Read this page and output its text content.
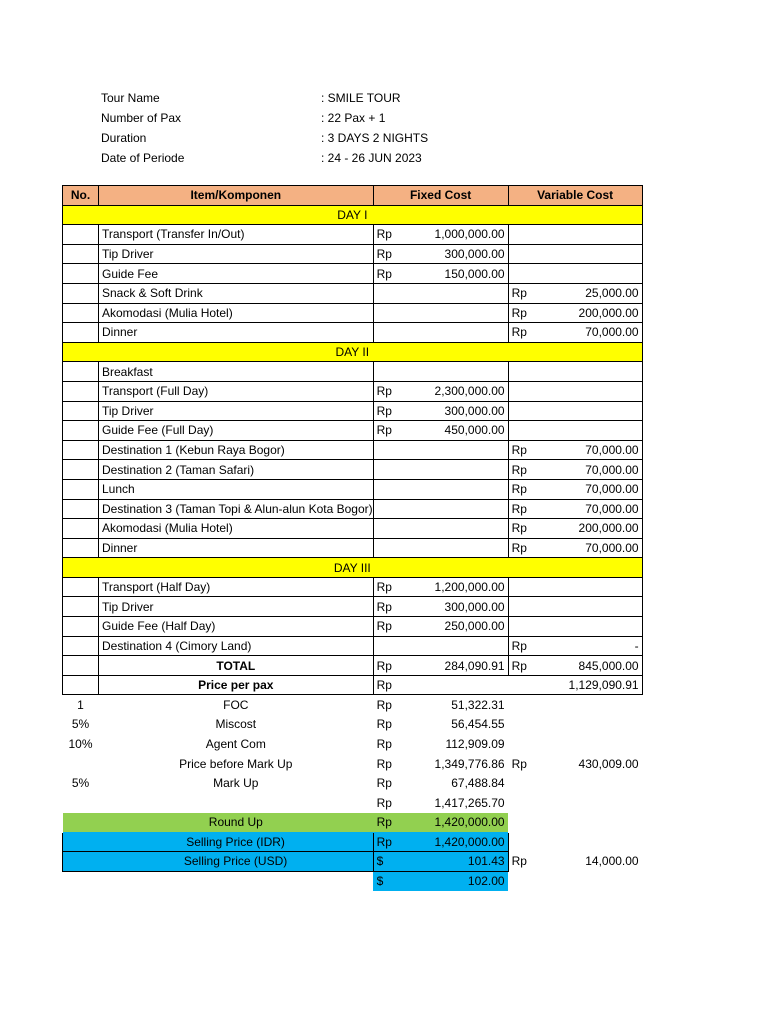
Tour Name	: SMILE TOUR
Number of Pax	: 22 Pax + 1
Duration	: 3 DAYS 2 NIGHTS
Date of Periode	: 24 - 26 JUN 2023
No.	Item/Komponen	Fixed Cost		Variable Cost	
DAY I					
	Transport (Transfer In/Out)	Rp	1,000,000.00		
	Tip Driver	Rp	300,000.00		
	Guide Fee	Rp	150,000.00		
	Snack & Soft Drink			Rp	25,000.00
	Akomodasi (Mulia Hotel)			Rp	200,000.00
	Dinner			Rp	70,000.00
DAY II					
	Breakfast				
	Transport (Full Day)	Rp	2,300,000.00		
	Tip Driver	Rp	300,000.00		
	Guide Fee (Full Day)	Rp	450,000.00		
	Destination 1 (Kebun Raya Bogor)			Rp	70,000.00
	Destination 2 (Taman Safari)			Rp	70,000.00
	Lunch			Rp	70,000.00
	Destination 3 (Taman Topi & Alun-alun Kota Bogor)			Rp	70,000.00
	Akomodasi (Mulia Hotel)			Rp	200,000.00
	Dinner			Rp	70,000.00
DAY III					
	Transport (Half Day)	Rp	1,200,000.00		
	Tip Driver	Rp	300,000.00		
	Guide Fee (Half Day)	Rp	250,000.00		
	Destination 4 (Cimory Land)			Rp	-
	TOTAL	Rp	284,090.91	Rp	845,000.00
	Price per pax	Rp			1,129,090.91
1	FOC	Rp	51,322.31		
5%	Miscost	Rp	56,454.55		
10%	Agent Com	Rp	112,909.09		
	Price before Mark Up	Rp	1,349,776.86	Rp	430,009.00
5%	Mark Up	Rp	67,488.84		
		Rp	1,417,265.70		
	Round Up	Rp	1,420,000.00		
	Selling Price (IDR)	Rp	1,420,000.00		
	Selling Price (USD)	$	101.43	Rp	14,000.00
		$	102.00		
